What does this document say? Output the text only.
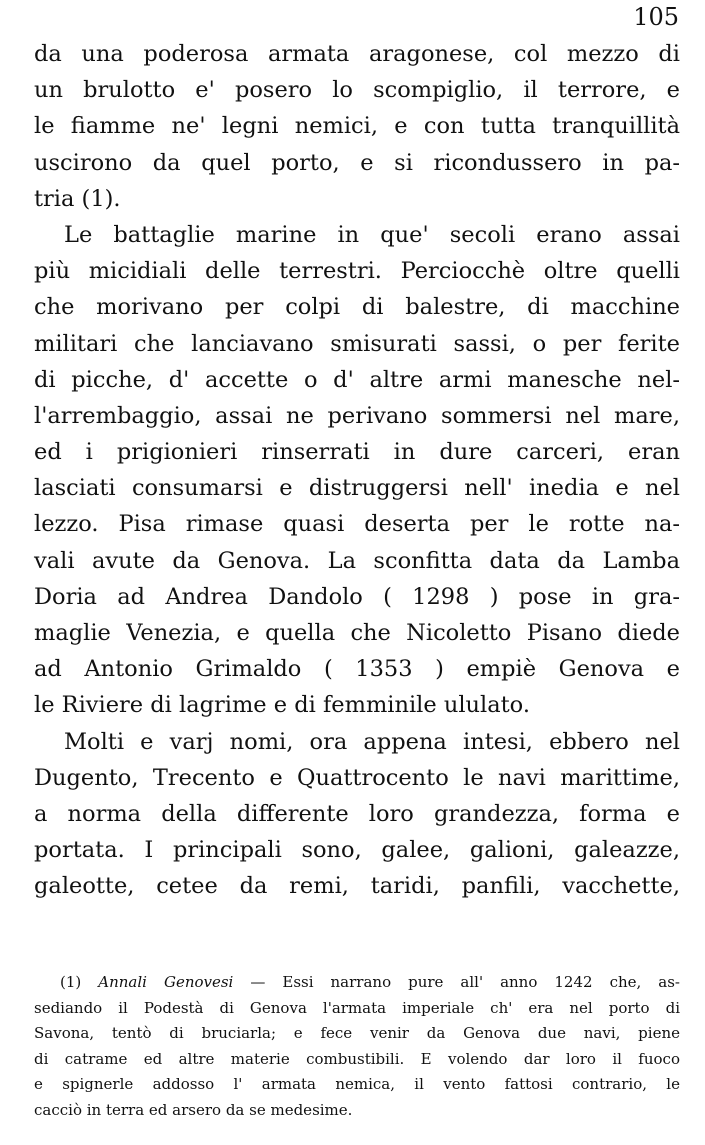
105
da una poderosa armata aragonese, col mezzo di
un brulotto e' posero lo scompiglio, il terrore, e
le fiamme ne' legni nemici, e con tutta tranquillità
uscirono da quel porto, e si ricondussero in pa-
tria (1).
Le battaglie marine in que' secoli erano assai
più micidiali delle terrestri. Perciocchè oltre quelli
che morivano per colpi di balestre, di macchine
militari che lanciavano smisurati sassi, o per ferite
di picche, d' accette o d' altre armi manesche nel-
l'arrembaggio, assai ne perivano sommersi nel mare,
ed i prigionieri rinserrati in dure carceri, eran
lasciati consumarsi e distruggersi nell' inedia e nel
lezzo. Pisa rimase quasi deserta per le rotte na-
vali avute da Genova. La sconfitta data da Lamba
Doria ad Andrea Dandolo ( 1298 ) pose in gra-
maglie Venezia, e quella che Nicoletto Pisano diede
ad Antonio Grimaldo ( 1353 ) empiè Genova e
le Riviere di lagrime e di femminile ululato.
Molti e varj nomi, ora appena intesi, ebbero nel
Dugento, Trecento e Quattrocento le navi marittime,
a norma della differente loro grandezza, forma e
portata. I principali sono, galee, galioni, galeazze,
galeotte, cetee da remi, taridi, panfili, vacchette,
(1) Annali Genovesi — Essi narrano pure all' anno 1242 che, as-
sediando il Podestà di Genova l'armata imperiale ch' era nel porto di
Savona, tentò di bruciarla; e fece venir da Genova due navi, piene
di catrame ed altre materie combustibili. E volendo dar loro il fuoco
e spignerle addosso l' armata nemica, il vento fattosi contrario, le
cacciò in terra ed arsero da se medesime.
